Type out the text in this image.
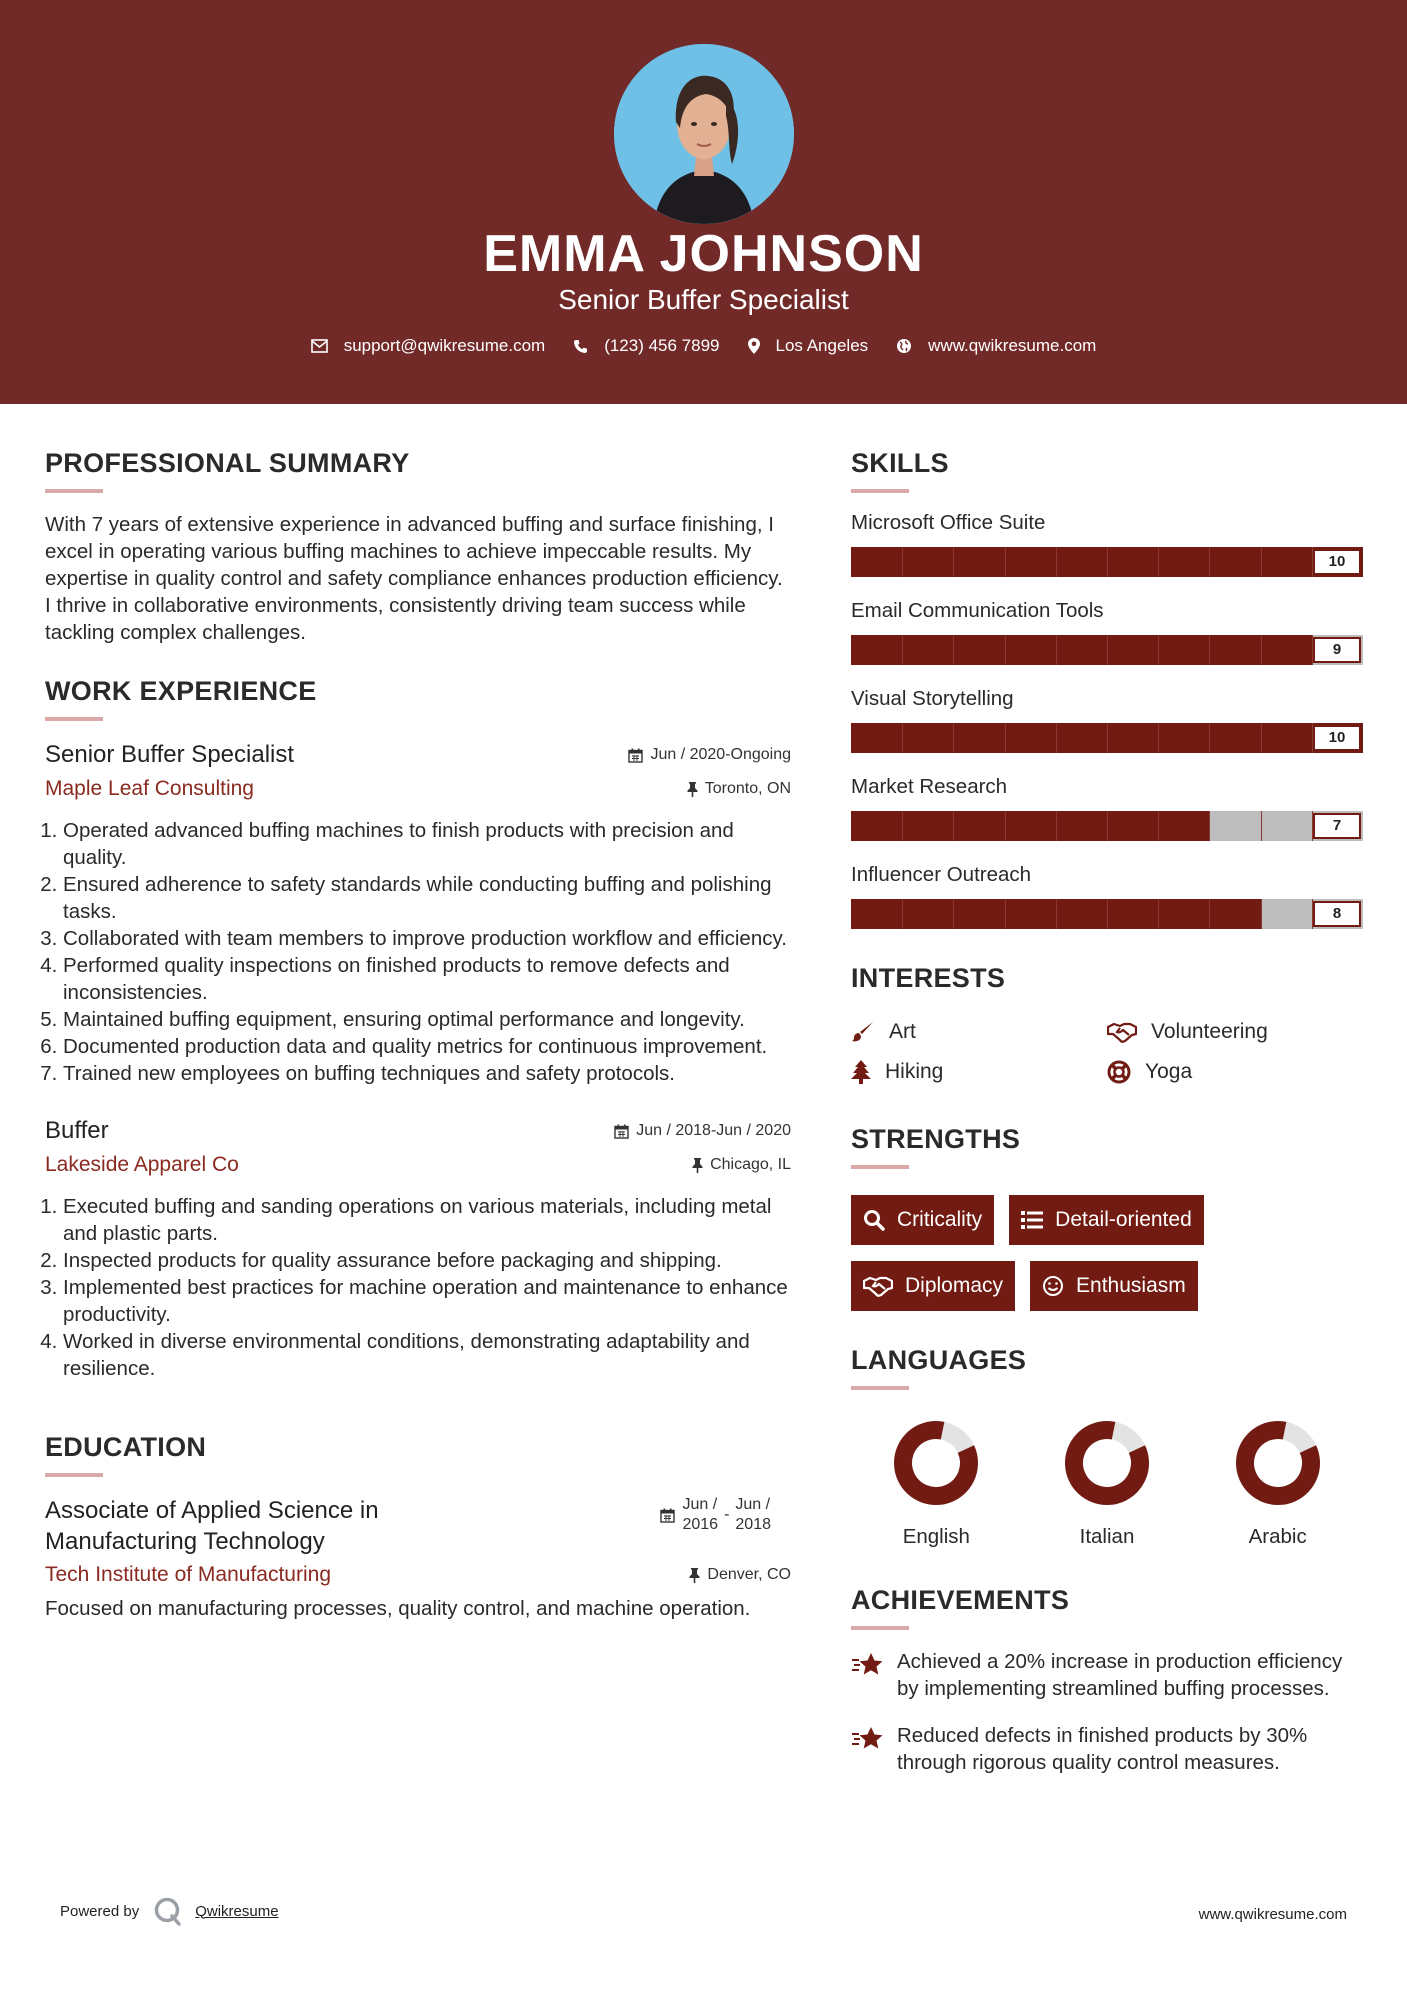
EMMA JOHNSON
Senior Buffer Specialist
support@qwikresume.com	(123) 456 7899	Los Angeles	www.qwikresume.com
PROFESSIONAL SUMMARY
With 7 years of extensive experience in advanced buffing and surface finishing, I excel in operating various buffing machines to achieve impeccable results. My expertise in quality control and safety compliance enhances production efficiency. I thrive in collaborative environments, consistently driving team success while tackling complex challenges.
WORK EXPERIENCE
Senior Buffer Specialist	Jun / 2020-Ongoing
Maple Leaf Consulting	Toronto, ON
1. Operated advanced buffing machines to finish products with precision and quality.
2. Ensured adherence to safety standards while conducting buffing and polishing tasks.
3. Collaborated with team members to improve production workflow and efficiency.
4. Performed quality inspections on finished products to remove defects and inconsistencies.
5. Maintained buffing equipment, ensuring optimal performance and longevity.
6. Documented production data and quality metrics for continuous improvement.
7. Trained new employees on buffing techniques and safety protocols.
Buffer	Jun / 2018-Jun / 2020
Lakeside Apparel Co	Chicago, IL
1. Executed buffing and sanding operations on various materials, including metal and plastic parts.
2. Inspected products for quality assurance before packaging and shipping.
3. Implemented best practices for machine operation and maintenance to enhance productivity.
4. Worked in diverse environmental conditions, demonstrating adaptability and resilience.
EDUCATION
Associate of Applied Science in Manufacturing Technology
Jun /
2016
-
Jun /
2018
Tech Institute of Manufacturing	Denver, CO
Focused on manufacturing processes, quality control, and machine operation.
SKILLS
Microsoft Office Suite
10
Email Communication Tools
9
Visual Storytelling
10
Market Research
7
Influencer Outreach
8
INTERESTS
Art	Volunteering
Hiking	Yoga
STRENGTHS
Criticality	Detail-oriented
Diplomacy	Enthusiasm
LANGUAGES
English	Italian	Arabic
ACHIEVEMENTS
Achieved a 20% increase in production efficiency by implementing streamlined buffing processes.
Reduced defects in finished products by 30% through rigorous quality control measures.
Powered by	Qwikresume	www.qwikresume.com
